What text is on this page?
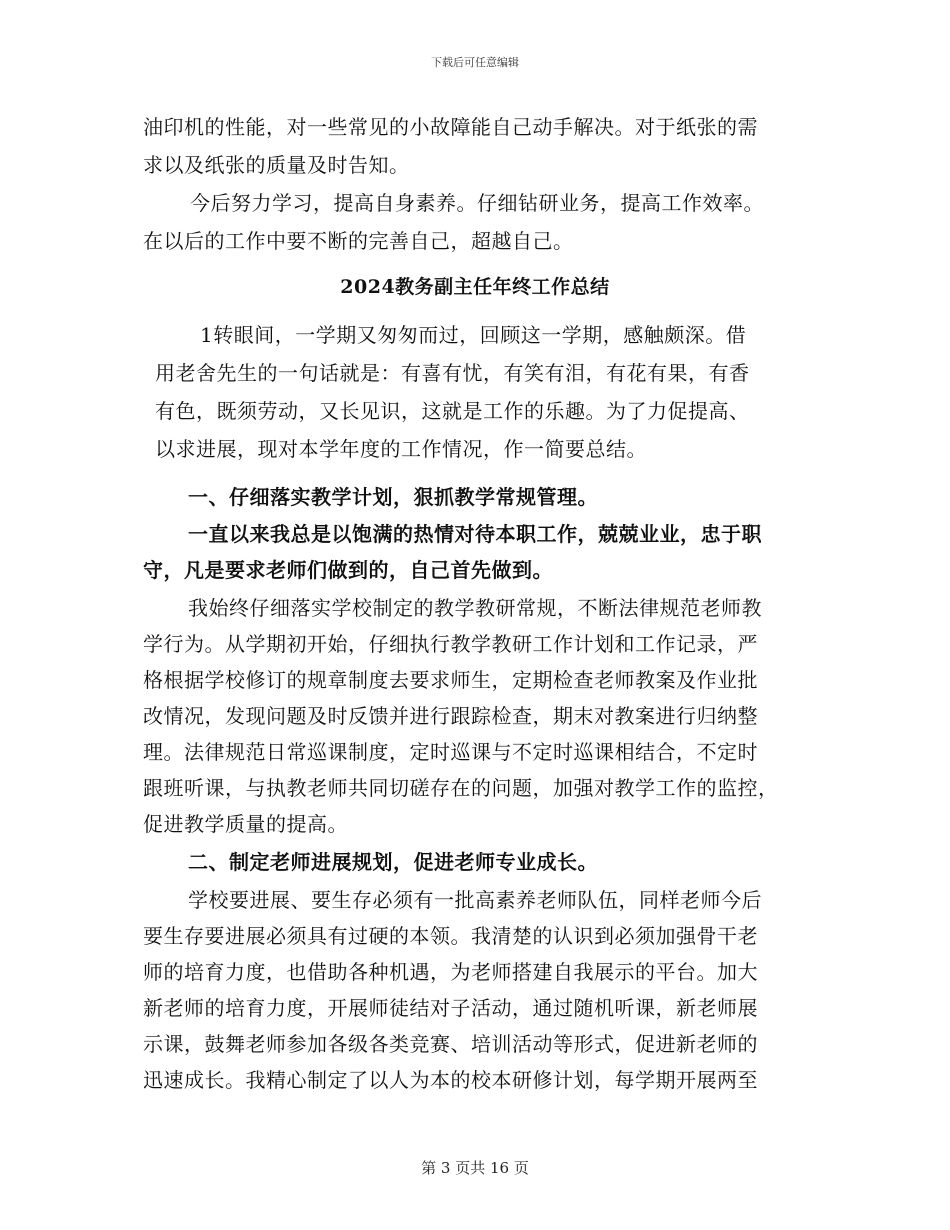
下载后可任意编辑
油印机的性能，对一些常见的小故障能自己动手解决。对于纸张的需
求以及纸张的质量及时告知。
今后努力学习，提高自身素养。仔细钻研业务，提高工作效率。
在以后的工作中要不断的完善自己，超越自己。
2024教务副主任年终工作总结
1转眼间，一学期又匆匆而过，回顾这一学期，感触颇深。借
用老舍先生的一句话就是：有喜有忧，有笑有泪，有花有果，有香
有色，既须劳动，又长见识，这就是工作的乐趣。为了力促提高、
以求进展，现对本学年度的工作情况，作一简要总结。
一、仔细落实教学计划，狠抓教学常规管理。
一直以来我总是以饱满的热情对待本职工作，兢兢业业，忠于职
守，凡是要求老师们做到的，自己首先做到。
我始终仔细落实学校制定的教学教研常规，不断法律规范老师教
学行为。从学期初开始，仔细执行教学教研工作计划和工作记录，严
格根据学校修订的规章制度去要求师生，定期检查老师教案及作业批
改情况，发现问题及时反馈并进行跟踪检查，期末对教案进行归纳整
理。法律规范日常巡课制度，定时巡课与不定时巡课相结合，不定时
跟班听课，与执教老师共同切磋存在的问题，加强对教学工作的监控，
促进教学质量的提高。
二、制定老师进展规划，促进老师专业成长。
学校要进展、要生存必须有一批高素养老师队伍，同样老师今后
要生存要进展必须具有过硬的本领。我清楚的认识到必须加强骨干老
师的培育力度，也借助各种机遇，为老师搭建自我展示的平台。加大
新老师的培育力度，开展师徒结对子活动，通过随机听课，新老师展
示课，鼓舞老师参加各级各类竞赛、培训活动等形式，促进新老师的
迅速成长。我精心制定了以人为本的校本研修计划，每学期开展两至
第 3 页共 16 页
